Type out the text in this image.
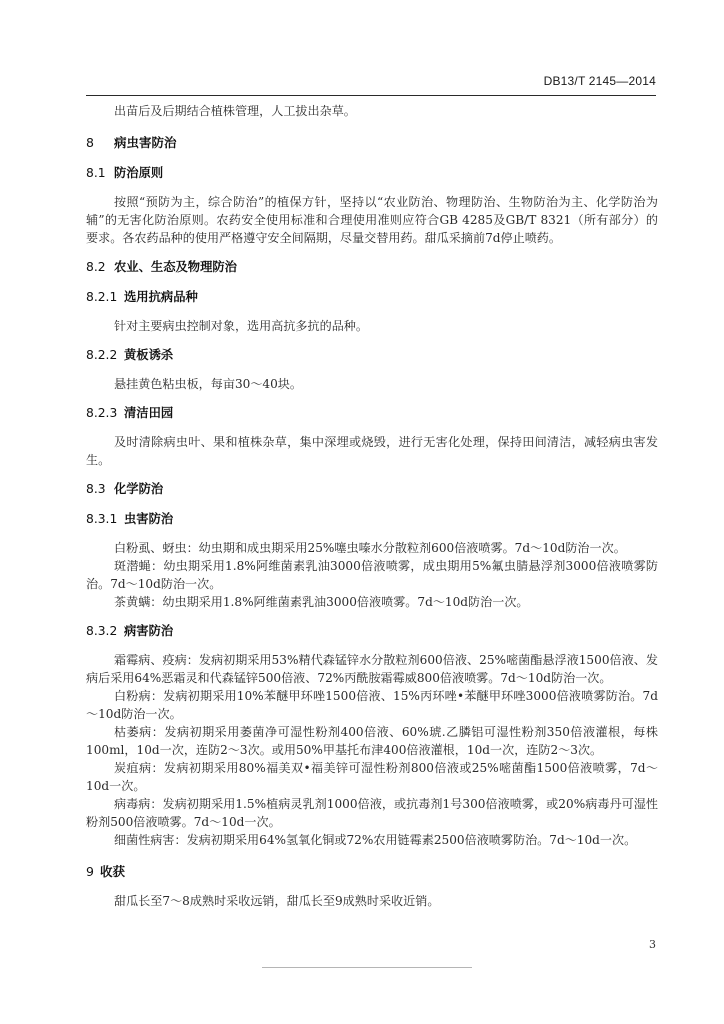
DB13/T 2145—2014

出苗后及后期结合植株管理，人工拔出杂草。

8 病虫害防治
8.1 防治原则

按照“预防为主，综合防治”的植保方针，坚持以“农业防治、物理防治、生物防治为主、化学防治为辅”的无害化防治原则。农药安全使用标准和合理使用准则应符合GB 4285及GB/T 8321（所有部分）的要求。各农药品种的使用严格遵守安全间隔期，尽量交替用药。甜瓜采摘前7d停止喷药。

8.2 农业、生态及物理防治
8.2.1 选用抗病品种

针对主要病虫控制对象，选用高抗多抗的品种。

8.2.2 黄板诱杀

悬挂黄色粘虫板，每亩30～40块。

8.2.3 清洁田园

及时清除病虫叶、果和植株杂草，集中深埋或烧毁，进行无害化处理，保持田间清洁，减轻病虫害发生。

8.3 化学防治
8.3.1 虫害防治

白粉虱、蚜虫：幼虫期和成虫期采用25%噻虫嗪水分散粒剂600倍液喷雾。7d～10d防治一次。

斑潜蝇：幼虫期采用1.8%阿维菌素乳油3000倍液喷雾，成虫期用5%氟虫腈悬浮剂3000倍液喷雾防治。7d～10d防治一次。

茶黄螨：幼虫期采用1.8%阿维菌素乳油3000倍液喷雾。7d～10d防治一次。

8.3.2 病害防治

霜霉病、疫病：发病初期采用53%精代森锰锌水分散粒剂600倍液、25%嘧菌酯悬浮液1500倍液、发病后采用64%恶霜灵和代森锰锌500倍液、72%丙酰胺霜霉威800倍液喷雾。7d～10d防治一次。

白粉病：发病初期采用10%苯醚甲环唑1500倍液、15%丙环唑•苯醚甲环唑3000倍液喷雾防治。7d～10d防治一次。

枯萎病：发病初期采用萎菌净可湿性粉剂400倍液、60%琥.乙膦铝可湿性粉剂350倍液灌根，每株100ml，10d一次，连防2～3次。或用50%甲基托布津400倍液灌根，10d一次，连防2～3次。

炭疽病：发病初期采用80%福美双•福美锌可湿性粉剂800倍液或25%嘧菌酯1500倍液喷雾，7d～10d一次。

病毒病：发病初期采用1.5%植病灵乳剂1000倍液，或抗毒剂1号300倍液喷雾，或20%病毒丹可湿性粉剂500倍液喷雾。7d～10d一次。

细菌性病害：发病初期采用64%氢氧化铜或72%农用链霉素2500倍液喷雾防治。7d～10d一次。

9 收获

甜瓜长至7～8成熟时采收远销，甜瓜长至9成熟时采收近销。

3
